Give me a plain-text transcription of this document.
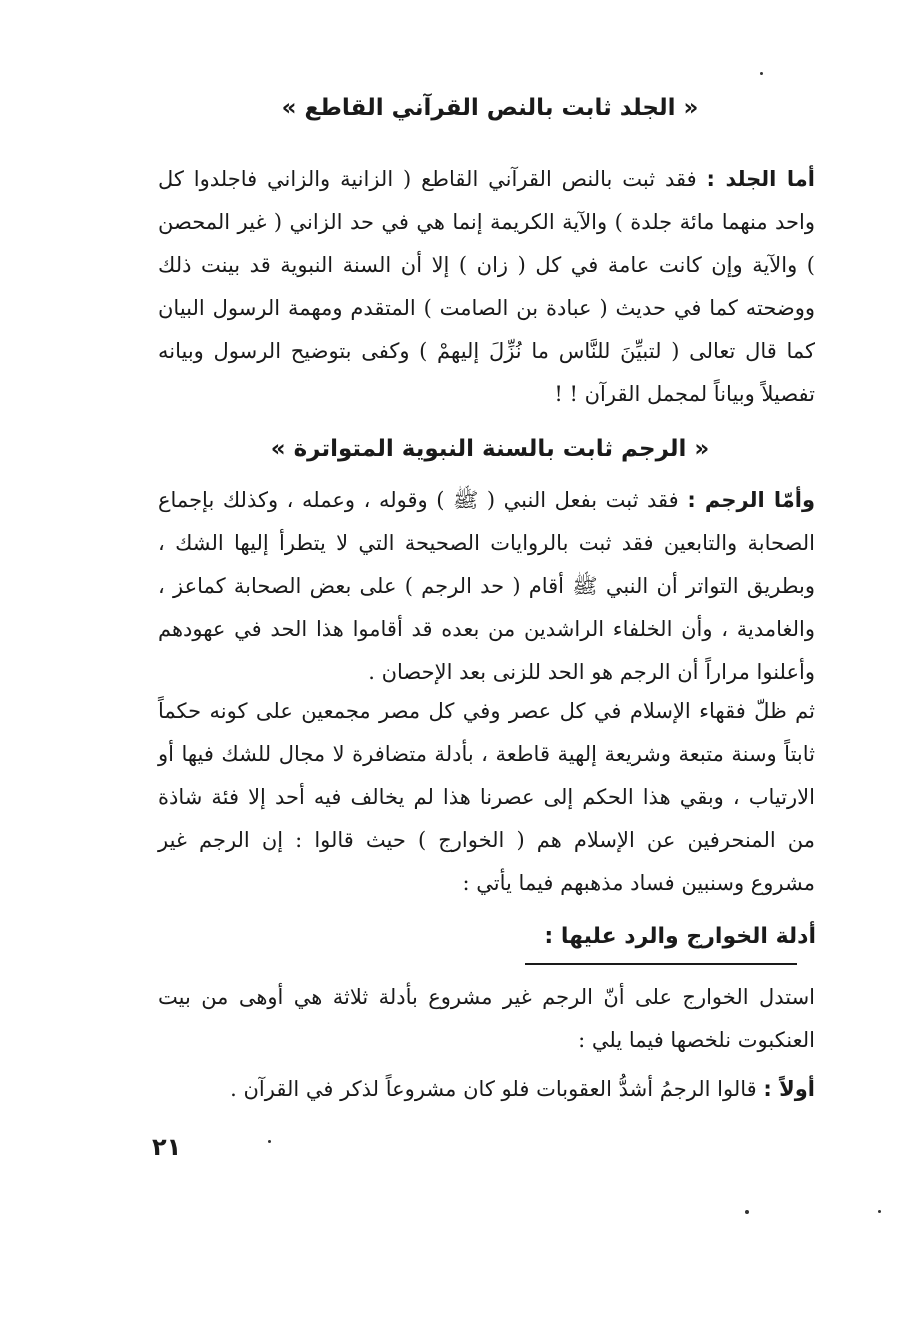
« الجلد ثابت بالنص القرآني القاطع »
أما الجلد : فقد ثبت بالنص القرآني القاطع ( الزانية والزاني فاجلدوا كل واحد منهما مائة جلدة ) والآية الكريمة إنما هي في حد الزاني ( غير المحصن ) والآية وإن كانت عامة في كل ( زان ) إلا أن السنة النبوية قد بينت ذلك ووضحته كما في حديث ( عبادة بن الصامت ) المتقدم ومهمة الرسول البيان كما قال تعالى ( لتبيِّنَ للنَّاس ما نُزِّلَ إليهمْ ) وكفى بتوضيح الرسول وبيانه تفصيلاً وبياناً لمجمل القرآن ! !
« الرجم ثابت بالسنة النبوية المتواترة »
وأمّا الرجم : فقد ثبت بفعل النبي ( ﷺ ) وقوله ، وعمله ، وكذلك بإجماع الصحابة والتابعين فقد ثبت بالروايات الصحيحة التي لا يتطرأ إليها الشك ، وبطريق التواتر أن النبي ﷺ أقام ( حد الرجم ) على بعض الصحابة كماعز ، والغامدية ، وأن الخلفاء الراشدين من بعده قد أقاموا هذا الحد في عهودهم وأعلنوا مراراً أن الرجم هو الحد للزنى بعد الإحصان .
ثم ظلّ فقهاء الإسلام في كل عصر وفي كل مصر مجمعين على كونه حكماً ثابتاً وسنة متبعة وشريعة إلهية قاطعة ، بأدلة متضافرة لا مجال للشك فيها أو الارتياب ، وبقي هذا الحكم إلى عصرنا هذا لم يخالف فيه أحد إلا فئة شاذة من المنحرفين عن الإسلام هم ( الخوارج ) حيث قالوا : إن الرجم غير مشروع وسنبين فساد مذهبهم فيما يأتي :
أدلة الخوارج والرد عليها :
استدل الخوارج على أنّ الرجم غير مشروع بأدلة ثلاثة هي أوهى من بيت العنكبوت نلخصها فيما يلي :
أولاً : قالوا الرجمُ أشدُّ العقوبات فلو كان مشروعاً لذكر في القرآن .
٢١
